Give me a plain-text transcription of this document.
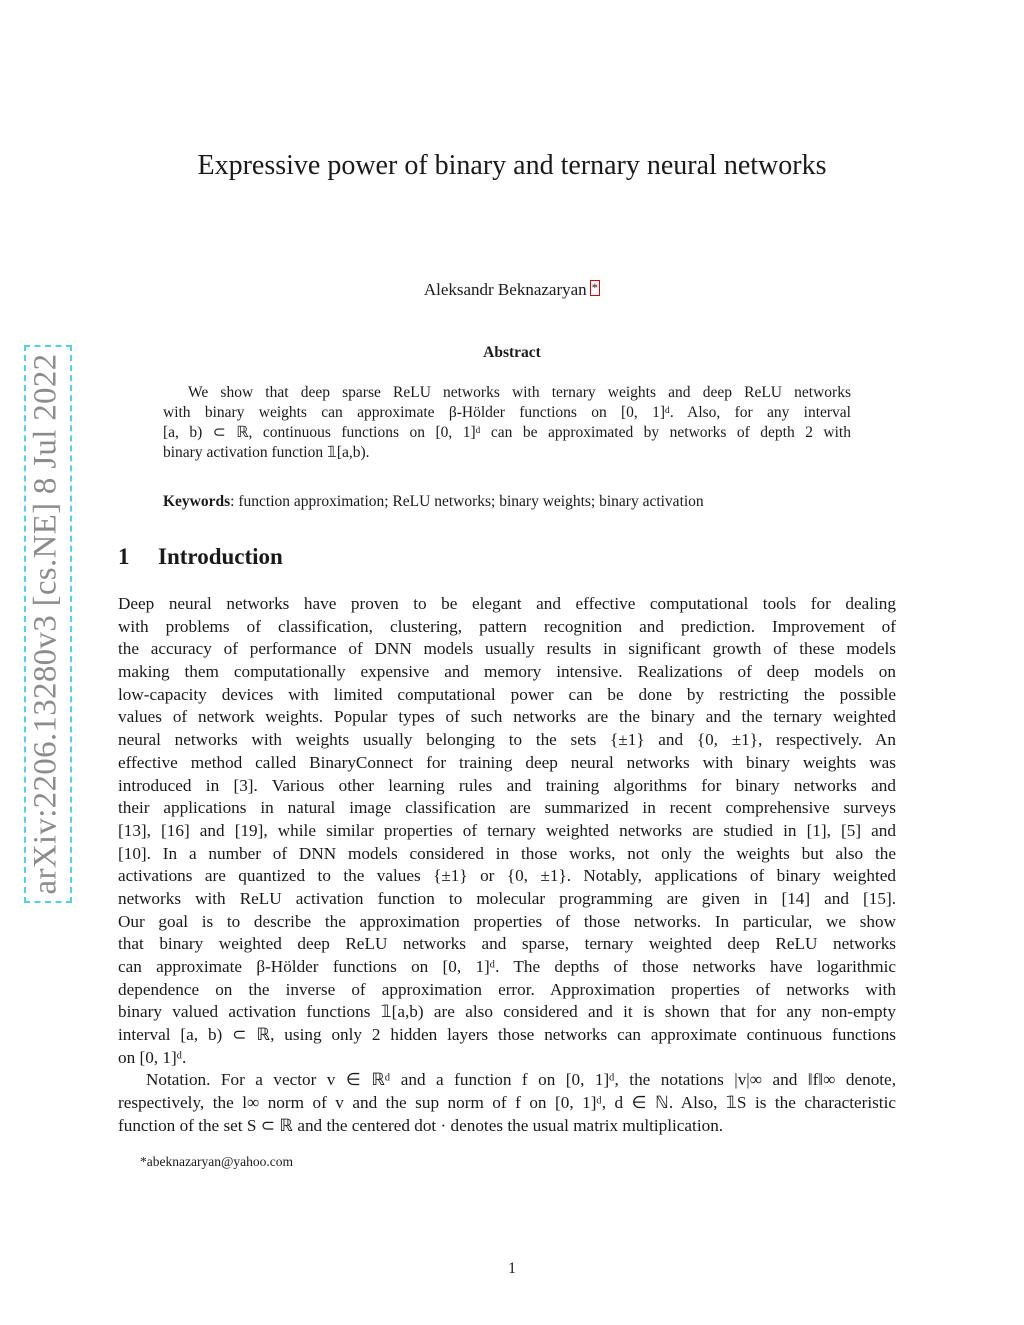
arXiv:2206.13280v3 [cs.NE] 8 Jul 2022
Expressive power of binary and ternary neural networks
Aleksandr Beknazaryan *
Abstract
We show that deep sparse ReLU networks with ternary weights and deep ReLU networks
with binary weights can approximate β-Hölder functions on [0, 1]ᵈ. Also, for any interval
[a, b) ⊂ ℝ, continuous functions on [0, 1]ᵈ can be approximated by networks of depth 2 with
binary activation function 𝟙[a,b).
Keywords: function approximation; ReLU networks; binary weights; binary activation
1 Introduction
Deep neural networks have proven to be elegant and effective computational tools for dealing
with problems of classification, clustering, pattern recognition and prediction. Improvement of
the accuracy of performance of DNN models usually results in significant growth of these models
making them computationally expensive and memory intensive. Realizations of deep models on
low-capacity devices with limited computational power can be done by restricting the possible
values of network weights. Popular types of such networks are the binary and the ternary weighted
neural networks with weights usually belonging to the sets {±1} and {0, ±1}, respectively. An
effective method called BinaryConnect for training deep neural networks with binary weights was
introduced in [3]. Various other learning rules and training algorithms for binary networks and
their applications in natural image classification are summarized in recent comprehensive surveys
[13], [16] and [19], while similar properties of ternary weighted networks are studied in [1], [5] and
[10]. In a number of DNN models considered in those works, not only the weights but also the
activations are quantized to the values {±1} or {0, ±1}. Notably, applications of binary weighted
networks with ReLU activation function to molecular programming are given in [14] and [15].
Our goal is to describe the approximation properties of those networks. In particular, we show
that binary weighted deep ReLU networks and sparse, ternary weighted deep ReLU networks
can approximate β-Hölder functions on [0, 1]ᵈ. The depths of those networks have logarithmic
dependence on the inverse of approximation error. Approximation properties of networks with
binary valued activation functions 𝟙[a,b) are also considered and it is shown that for any non-empty
interval [a, b) ⊂ ℝ, using only 2 hidden layers those networks can approximate continuous functions
on [0, 1]ᵈ.
Notation. For a vector v ∈ ℝᵈ and a function f on [0, 1]ᵈ, the notations |v|∞ and ‖f‖∞ denote,
respectively, the l∞ norm of v and the sup norm of f on [0, 1]ᵈ, d ∈ ℕ. Also, 𝟙S is the characteristic
function of the set S ⊂ ℝ and the centered dot · denotes the usual matrix multiplication.
*abeknazaryan@yahoo.com
1
